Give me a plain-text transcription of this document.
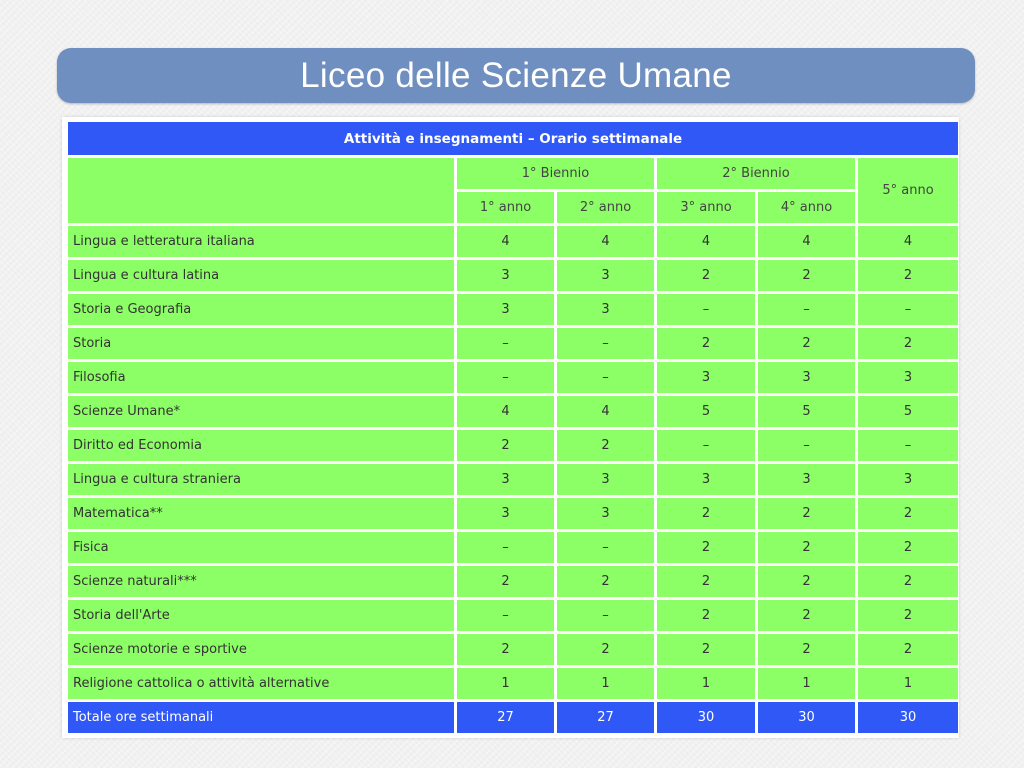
Liceo delle Scienze Umane
Attività e insegnamenti – Orario settimanale					
	1° Biennio		2° Biennio		5° anno
	1° anno	2° anno	3° anno	4° anno	
Lingua e letteratura italiana	4	4	4	4	4
Lingua e cultura latina	3	3	2	2	2
Storia e Geografia	3	3	–	–	–
Storia	–	–	2	2	2
Filosofia	–	–	3	3	3
Scienze Umane*	4	4	5	5	5
Diritto ed Economia	2	2	–	–	–
Lingua e cultura straniera	3	3	3	3	3
Matematica**	3	3	2	2	2
Fisica	–	–	2	2	2
Scienze naturali***	2	2	2	2	2
Storia dell'Arte	–	–	2	2	2
Scienze motorie e sportive	2	2	2	2	2
Religione cattolica o attività alternative	1	1	1	1	1
Totale ore settimanali	27	27	30	30	30
